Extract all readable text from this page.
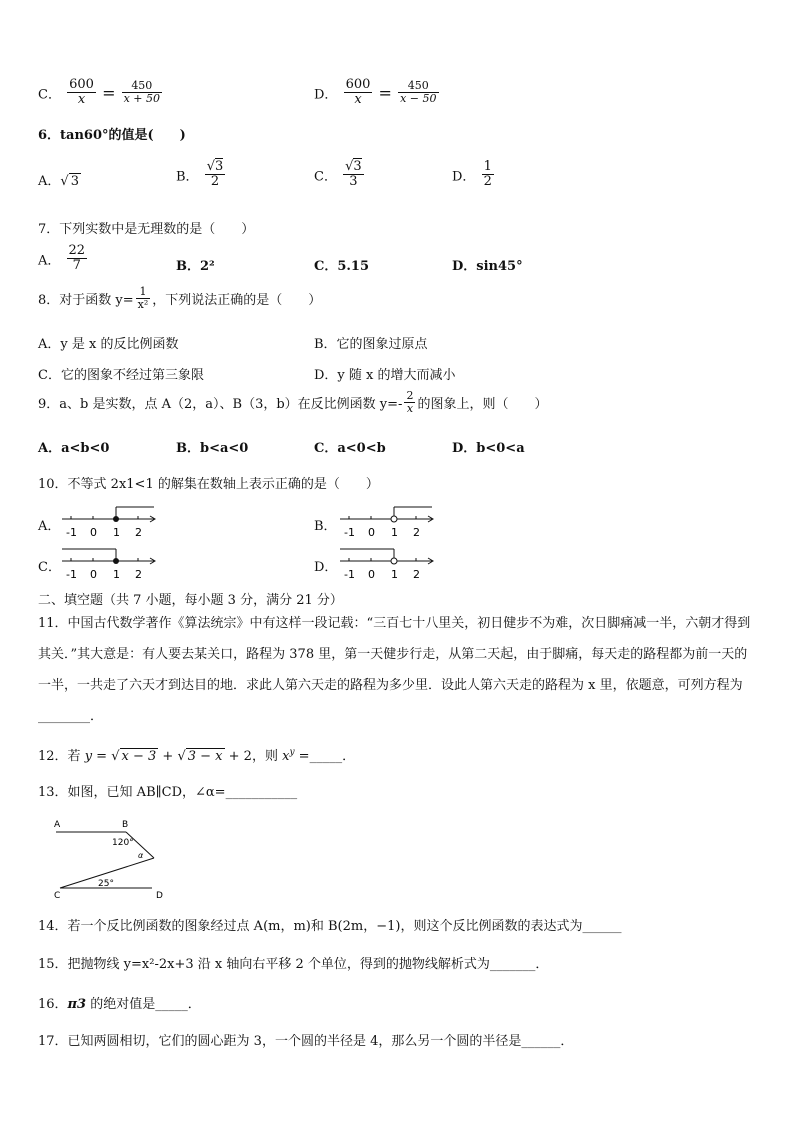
C． $\frac{600}{x} = \frac{450}{x + 50}$	D． $\frac{600}{x} = \frac{450}{x - 50}$
6．tan60°的值是(　　)
A．√ 3	B． $\frac{√3}{2}$	C． $\frac{√3}{3}$	D． $\frac{1}{2}$
7．下列实数中是无理数的是（　　）
A． $\frac{22}{7}$	B．2²	C．5.15	D．sin45°
8．对于函数 $y= \frac{1}{\text{x²}}$ ，下列说法正确的是（　　）
A．y 是 x 的反比例函数	B．它的图象过原点
C．它的图象不经过第三象限	D．y 随 x 的增大而减小
9．a、b 是实数，点 A（2，a）、B（3，b）在反比例函数 $y=- \frac{2}{x}$ 的图象上，则（　　）
A．a<b<0	B．b<a<0	C．a<0<b	D．b<0<a
10．不等式 2x1<1 的解集在数轴上表示正确的是（　　）
A． -1 0 1 2	B． -1 0 1 2
C． -1 0 1 2	D． -1 0 1 2
二、填空题（共 7 小题，每小题 3 分，满分 21 分）
11．中国古代数学著作《算法统宗》中有这样一段记载：“三百七十八里关，初日健步不为难，次日脚痛减一半，六朝才得到其关．”其大意是：有人要去某关口，路程为 378 里，第一天健步行走，从第二天起，由于脚痛，每天走的路程都为前一天的一半，一共走了六天才到达目的地．求此人第六天走的路程为多少里．设此人第六天走的路程为 x 里，依题意，可列方程为________．
12．若 y = √ x − 3 + √ 3 − x + 2，则 $x^y$ =_____．
13．如图，已知 AB∥CD，∠α=___________
A	B
C	D
120°
α
25°
14．若一个反比例函数的图象经过点 A(m，m)和 B(2m，−1)，则这个反比例函数的表达式为______
15．把抛物线 y=x²-2x+3 沿 x 轴向右平移 2 个单位，得到的抛物线解析式为_______．
16．π3 的绝对值是_____．
17．已知两圆相切，它们的圆心距为 3，一个圆的半径是 4，那么另一个圆的半径是______．
